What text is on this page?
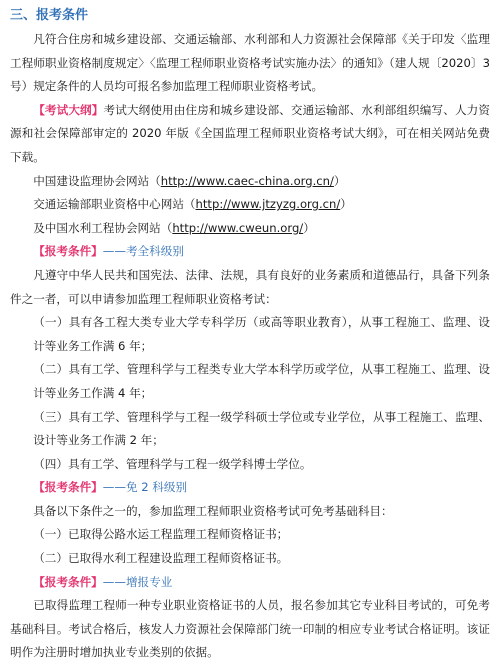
三、报考条件

凡符合住房和城乡建设部、交通运输部、水利部和人力资源社会保障部《关于印发〈监理工程师职业资格制度规定〉〈监理工程师职业资格考试实施办法〉的通知》（建人规〔2020〕3 号）规定条件的人员均可报名参加监理工程师职业资格考试。

【考试大纲】考试大纲使用由住房和城乡建设部、交通运输部、水利部组织编写、人力资源和社会保障部审定的 2020 年版《全国监理工程师职业资格考试大纲》，可在相关网站免费下载。

中国建设监理协会网站（http://www.caec-china.org.cn/）

交通运输部职业资格中心网站（http://www.jtzyzg.org.cn/）

及中国水利工程协会网站（http://www.cweun.org/）

【报考条件】——考全科级别

凡遵守中华人民共和国宪法、法律、法规，具有良好的业务素质和道德品行，具备下列条件之一者，可以申请参加监理工程师职业资格考试：

（一）具有各工程大类专业大学专科学历（或高等职业教育），从事工程施工、监理、设计等业务工作满 6 年；

（二）具有工学、管理科学与工程类专业大学本科学历或学位，从事工程施工、监理、设计等业务工作满 4 年；

（三）具有工学、管理科学与工程一级学科硕士学位或专业学位，从事工程施工、监理、设计等业务工作满 2 年；

（四）具有工学、管理科学与工程一级学科博士学位。

【报考条件】——免 2 科级别

具备以下条件之一的，参加监理工程师职业资格考试可免考基础科目：

（一）已取得公路水运工程监理工程师资格证书；

（二）已取得水利工程建设监理工程师资格证书。

【报考条件】——增报专业

已取得监理工程师一种专业职业资格证书的人员，报名参加其它专业科目考试的，可免考基础科目。考试合格后，核发人力资源社会保障部门统一印制的相应专业考试合格证明。该证明作为注册时增加执业专业类别的依据。
